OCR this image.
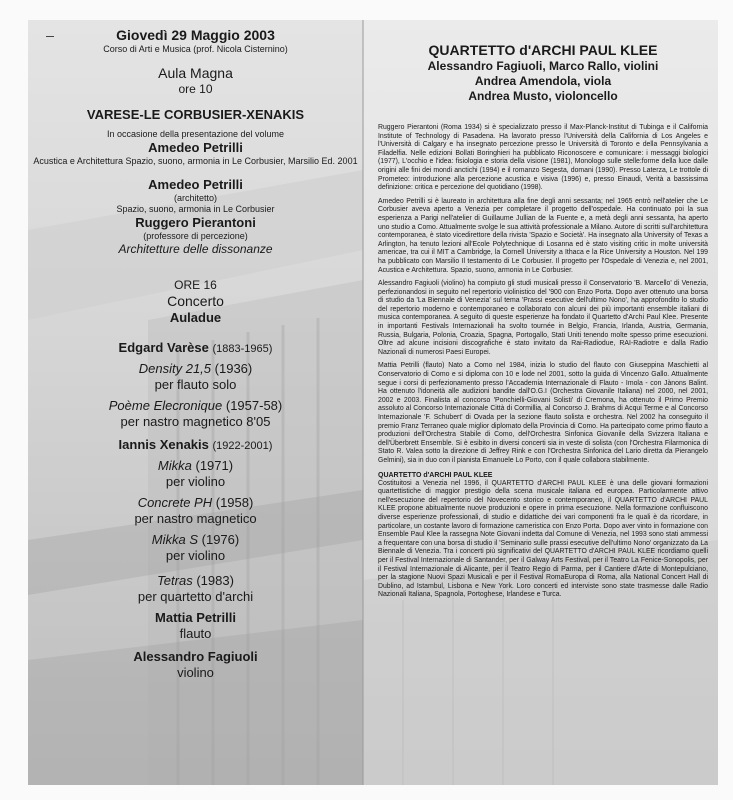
Giovedì 29 Maggio 2003
Corso di Arti e Musica (prof. Nicola Cisternino)
Aula Magna
ore 10
VARESE-LE CORBUSIER-XENAKIS
In occasione della presentazione del volume
Amedeo Petrilli
Acustica e Architettura Spazio, suono, armonia in Le Corbusier, Marsilio Ed. 2001
Amedeo Petrilli
(architetto)
Spazio, suono, armonia in Le Corbusier
Ruggero Pierantoni
(professore di percezione)
Architetture delle dissonanze
ORE 16
Concerto
Auladue
Edgard Varèse (1883-1965)
Density 21,5 (1936)
per flauto solo
Poème Elecronique (1957-58)
per nastro magnetico 8'05
Iannis Xenakis (1922-2001)
Mikka (1971)
per violino
Concrete PH (1958)
per nastro magnetico
Mikka S (1976)
per violino
Tetras (1983)
per quartetto d'archi
Mattia Petrilli
flauto
Alessandro Fagiuoli
violino
QUARTETTO d'ARCHI PAUL KLEE
Alessandro Fagiuoli, Marco Rallo, violini
Andrea Amendola, viola
Andrea Musto, violoncello

Ruggero Pierantoni (Roma 1934) si è specializzato presso il Max-Planck-Institut di Tubinga e il California Institute of Technology di Pasadena. Ha lavorato presso l'Università della California di Los Angeles e l'Università di Calgary e ha insegnato percezione presso le Università di Toronto e della Pennsylvania a Filadelfia. Nelle edizioni Bollati Boringhieri ha pubblicato Riconoscere e comunicare: i messaggi biologici (1977), L'occhio e l'idea: fisiologia e storia della visione (1981), Monologo sulle stelle:forme della luce dalle origini alle fini dei mondi anctichi (1994) e il romanzo Segesta, domani (1990). Presso Laterza, Le trottole di Prometeo: introduzione alla percezione acustica e visiva (1996) e, presso Einaudi, Verità a bassissima definizione: critica e percezione del quotidiano (1998).

Amedeo Petrilli si è laureato in architettura alla fine degli anni sessanta; nel 1965 entrò nell'atelier che Le Corbusier aveva aperto a Venezia per completare il progetto dell'ospedale. Ha continuato poi la sua esperienza a Parigi nell'atelier di Guillaume Jullian de la Fuente e, a metà degli anni sessanta, ha aperto uno studio a Como. Attualmente svolge le sua attività professionale a Milano. Autore di scritti sull'architettura contemporanea, è stato vicedirettore della rivista 'Spazio e Società'. Ha insegnato alla University of Texas a Arlington, ha tenuto lezioni all'Ecole Polytechnique di Losanna ed è stato visiting critic in molte università americae, tra cui il MIT a Cambridge, la Cornell University a Ithaca e la Rice University a Houston. Nel 199 ha pubblicato con Marsilio Il testamento di Le Corbusier. Il progetto per l'Ospedale di Venezia e, nel 2001, Acustica e Architettura. Spazio, suono, armonia in Le Corbusier.

Alessandro Fagiuoli (violino) ha compiuto gli studi musicali presso il Conservatorio 'B. Marcello' di Venezia, perfezionandosi in seguito nel repertorio violinistico del '900 con Enzo Porta. Dopo aver ottenuto una borsa di studio da 'La Biennale di Venezia' sul tema 'Prassi esecutive dell'ultimo Nono', ha approfondito lo studio del repertorio moderno e contemporaneo e collaborato con alcuni dei più importanti ensemble italiani di musica contemporanea. A seguito di queste esperienze ha fondato il Quartetto d'Archi Paul Klee. Presente in importanti Festivals Internazionali ha svolto tournée in Belgio, Francia, Irlanda, Austria, Germania, Russia, Bulgaria, Polonia, Croazia, Spagna, Portogallo, Stati Uniti tenendo molte spesso prime esecuzioni. Oltre ad alcune incisioni discografiche è stato invitato da Rai-Radiodue, RAI-Radiotre e dalla Radio Nazionali di numerosi Paesi Europei.

Mattia Petrilli (flauto) Nato a Como nel 1984, inizia lo studio del flauto con Giuseppina Maschietti al Conservatorio di Como e si diploma con 10 e lode nel 2001, sotto la guida di Vincenzo Gallo. Attualmente segue i corsi di perfezionamento presso l'Accademia Internazionale di Flauto - Imola - con Jànons Balint. Ha ottenuto l'idoneità alle audizioni bandite dall'O.G.I (Orchestra Giovanile Italiana) nel 2000, nel 2001, 2002 e 2003. Finalista al concorso 'Ponchielli-Giovani Solisti' di Cremona, ha ottenuto il Primo Premio assoluto al Concorso Internazionale Città di Cormillia, al Concorso J. Brahms di Acqui Terme e al Concorso Internazionale 'F. Schubert' di Ovada per la sezione flauto solista e orchestra. Nel 2002 ha conseguito il premio Franz Terraneo quale miglior diplomato della Provincia di Como. Ha partecipato come primo flauto a produzioni dell'Orchestra Stabile di Como, dell'Orchestra Sinfonica Giovanile della Svizzera Italiana e dell'Überbrett Ensemble. Si è esibito in diversi concerti sia in veste di solista (con l'Orchestra Filarmonica di Stato R. Valea sotto la direzione di Jeffrey Rink e con l'Orchestra Sinfonica del Lario diretta da Pierangelo Gelmini), sia in duo con il pianista Emanuele Lo Porto, con il quale collabora stabilmente.

QUARTETTO d'ARCHI PAUL KLEE

Costituitosi a Venezia nel 1996, il QUARTETTO d'ARCHI PAUL KLEE è una delle giovani formazioni quartettistiche di maggior prestigio della scena musicale italiana ed europea. Particolarmente attivo nell'esecuzione del repertorio del Novecento storico e contemporaneo, il QUARTETTO d'ARCHI PAUL KLEE propone abitualmente nuove produzioni e opere in prima esecuzione. Nella formazione confluiscono diverse esperienze professionali, di studio e didattiche dei vari componenti fra le quali è da ricordare, in particolare, un costante lavoro di formazione cameristica con Enzo Porta. Dopo aver vinto in formazione con Ensemble Paul Klee la rassegna Note Giovani indetta dal Comune di Venezia, nel 1993 sono stati ammessi a frequentare con una borsa di studio il 'Seminario sulle prassi esecutive dell'ultimo Nono' organizzato da La Biennale di Venezia. Tra i concerti più significativi del QUARTETTO d'ARCHI PAUL KLEE ricordiamo quelli per il Festival Internazionale di Santander, per il Galway Arts Festival, per il Teatro La Fenice-Sonopolis, per il Festival Internazionale di Alicante, per il Teatro Regio di Parma, per il Cantiere d'Arte di Montepulciano, per la stagione Nuovi Spazi Musicali e per il Festival RomaEuropa di Roma, alla National Concert Hall di Dublino, ad Istambul, Lisbona e New York. Loro concerti ed interviste sono state trasmesse dalle Radio Nazionali Italiana, Spagnola, Portoghese, Irlandese e Turca.
